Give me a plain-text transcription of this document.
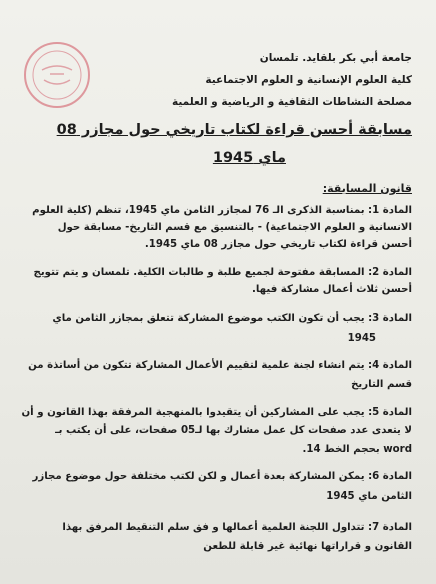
جامعة أبي بكر بلقايد. تلمسان
كلية العلوم الإنسانية و العلوم الاجتماعية
مصلحة النشاطات الثقافية و الرياضية و العلمية
مسابقة أحسن قراءة لكتاب تاريخي حول مجازر 08
ماي 1945
قانون المسابقة:
المادة 1: بمناسبة الذكرى الـ 76 لمجازر الثامن ماي 1945، تنظم (كلية العلوم
الانسانية و العلوم الاجتماعية) - بالتنسيق مع قسم التاريخ- مسابقة حول
أحسن قراءة لكتاب تاريخي حول مجازر 08 ماي 1945.
المادة 2: المسابقة مفتوحة لجميع طلبة و طالبات الكلية. تلمسان و يتم تتويج
أحسن ثلاث أعمال مشاركة فيها.
المادة 3: يجب أن تكون الكتب موضوع المشاركة تتعلق بمجازر الثامن ماي
1945
المادة 4: يتم انشاء لجنة علمية لتقييم الأعمال المشاركة تتكون من أساتذة من
قسم التاريخ
المادة 5: يجب على المشاركين أن يتقيدوا بالمنهجية المرفقة بهذا القانون و أن
لا يتعدى عدد صفحات كل عمل مشارك بها لـ05 صفحات، على أن يكتب بـ
word بحجم الخط 14.
المادة 6: يمكن المشاركة بعدة أعمال و لكن لكتب مختلفة حول موضوع مجازر
الثامن ماي 1945
المادة 7: تتداول اللجنة العلمية أعمالها و فق سلم التنقيط المرفق بهذا
القانون و قراراتها نهائية غير قابلة للطعن
